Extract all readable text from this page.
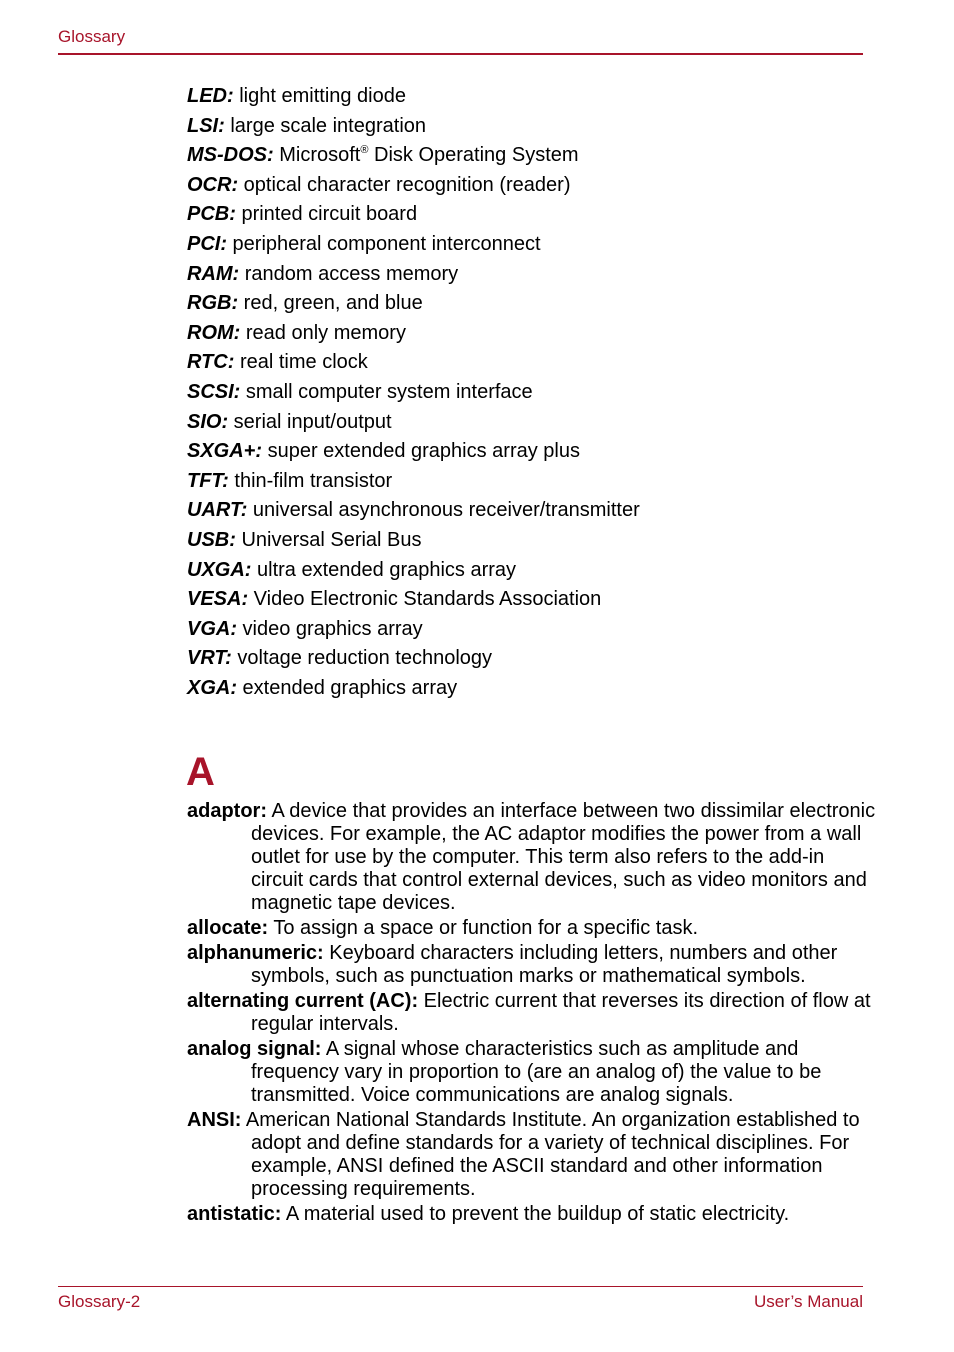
Glossary
LED: light emitting diode
LSI: large scale integration
MS-DOS: Microsoft® Disk Operating System
OCR: optical character recognition (reader)
PCB: printed circuit board
PCI: peripheral component interconnect
RAM: random access memory
RGB: red, green, and blue
ROM: read only memory
RTC: real time clock
SCSI: small computer system interface
SIO: serial input/output
SXGA+: super extended graphics array plus
TFT: thin-film transistor
UART: universal asynchronous receiver/transmitter
USB: Universal Serial Bus
UXGA: ultra extended graphics array
VESA: Video Electronic Standards Association
VGA: video graphics array
VRT: voltage reduction technology
XGA: extended graphics array
A

adaptor: A device that provides an interface between two dissimilar electronic devices. For example, the AC adaptor modifies the power from a wall outlet for use by the computer. This term also refers to the add-in circuit cards that control external devices, such as video monitors and magnetic tape devices.

allocate: To assign a space or function for a specific task.

alphanumeric: Keyboard characters including letters, numbers and other symbols, such as punctuation marks or mathematical symbols.

alternating current (AC): Electric current that reverses its direction of flow at regular intervals.

analog signal: A signal whose characteristics such as amplitude and frequency vary in proportion to (are an analog of) the value to be transmitted. Voice communications are analog signals.

ANSI: American National Standards Institute. An organization established to adopt and define standards for a variety of technical disciplines. For example, ANSI defined the ASCII standard and other information processing requirements.

antistatic: A material used to prevent the buildup of static electricity.

Glossary-2	User’s Manual
